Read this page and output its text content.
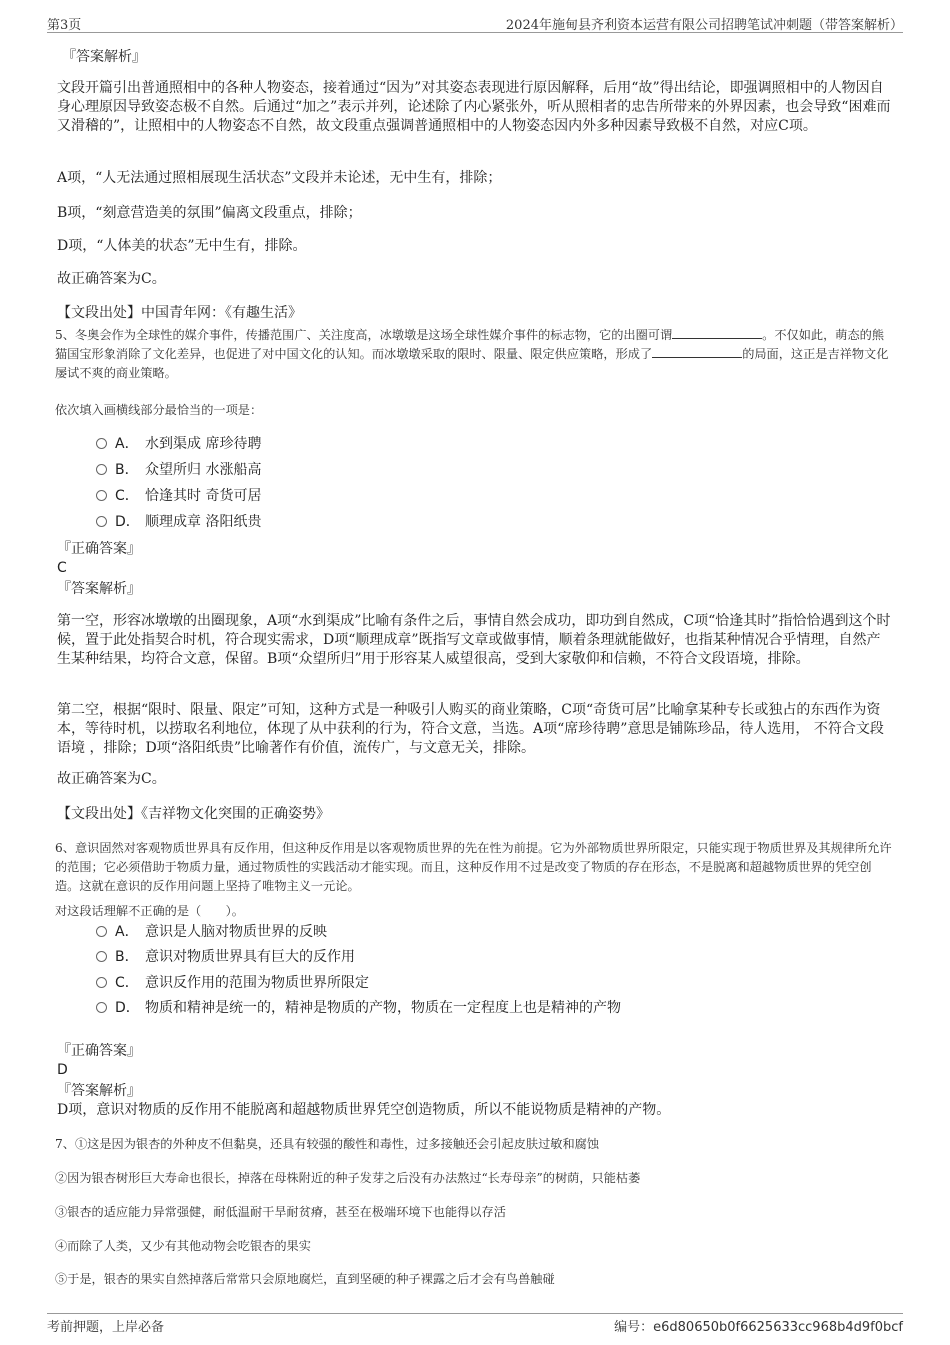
第3页	2024年施甸县齐利资本运营有限公司招聘笔试冲刺题（带答案解析）
『答案解析』
文段开篇引出普通照相中的各种人物姿态，接着通过“因为”对其姿态表现进行原因解释，后用“故”得出结论，即强调照相中的人物因自身心理原因导致姿态极不自然。后通过“加之”表示并列，论述除了内心紧张外，听从照相者的忠告所带来的外界因素，也会导致“困难而又滑稽的”，让照相中的人物姿态不自然，故文段重点强调普通照相中的人物姿态因内外多种因素导致极不自然，对应C项。
A项，“人无法通过照相展现生活状态”文段并未论述，无中生有，排除；
B项，“刻意营造美的氛围”偏离文段重点，排除；
D项，“人体美的状态”无中生有，排除。
故正确答案为C。
【文段出处】中国青年网：《有趣生活》
5、冬奥会作为全球性的媒介事件，传播范围广、关注度高，冰墩墩是这场全球性媒介事件的标志物，它的出圈可谓	。不仅如此，萌态的熊猫国宝形象消除了文化差异，也促进了对中国文化的认知。而冰墩墩采取的限时、限量、限定供应策略，形成了	的局面，这正是吉祥物文化屡试不爽的商业策略。
依次填入画横线部分最恰当的一项是：
A． 水到渠成 席珍待聘
B． 众望所归 水涨船高
C． 恰逢其时 奇货可居
D． 顺理成章 洛阳纸贵
『正确答案』
C
『答案解析』
第一空，形容冰墩墩的出圈现象，A项“水到渠成”比喻有条件之后，事情自然会成功，即功到自然成，C项“恰逢其时”指恰恰遇到这个时候，置于此处指契合时机，符合现实需求，D项“顺理成章”既指写文章或做事情，顺着条理就能做好，也指某种情况合乎情理，自然产生某种结果，均符合文意，保留。B项“众望所归”用于形容某人威望很高，受到大家敬仰和信赖，不符合文段语境，排除。
第二空，根据“限时、限量、限定”可知，这种方式是一种吸引人购买的商业策略，C项“奇货可居”比喻拿某种专长或独占的东西作为资本，等待时机，以捞取名利地位，体现了从中获利的行为，符合文意，当选。A项“席珍待聘”意思是铺陈珍品，待人选用， 不符合文段语境 ，排除；D项“洛阳纸贵”比喻著作有价值，流传广，与文意无关，排除。
故正确答案为C。
【文段出处】《吉祥物文化突围的正确姿势》
6、意识固然对客观物质世界具有反作用，但这种反作用是以客观物质世界的先在性为前提。它为外部物质世界所限定，只能实现于物质世界及其规律所允许的范围；它必须借助于物质力量，通过物质性的实践活动才能实现。而且，这种反作用不过是改变了物质的存在形态，不是脱离和超越物质世界的凭空创造。这就在意识的反作用问题上坚持了唯物主义一元论。
对这段话理解不正确的是（　　）。
A． 意识是人脑对物质世界的反映
B． 意识对物质世界具有巨大的反作用
C． 意识反作用的范围为物质世界所限定
D． 物质和精神是统一的，精神是物质的产物，物质在一定程度上也是精神的产物
『正确答案』
D
『答案解析』
D项，意识对物质的反作用不能脱离和超越物质世界凭空创造物质，所以不能说物质是精神的产物。
7、①这是因为银杏的外种皮不但黏臭，还具有较强的酸性和毒性，过多接触还会引起皮肤过敏和腐蚀
②因为银杏树形巨大寿命也很长，掉落在母株附近的种子发芽之后没有办法熬过“长寿母亲”的树荫，只能枯萎
③银杏的适应能力异常强健，耐低温耐干旱耐贫瘠，甚至在极端环境下也能得以存活
④而除了人类，又少有其他动物会吃银杏的果实
⑤于是，银杏的果实自然掉落后常常只会原地腐烂，直到坚硬的种子裸露之后才会有鸟兽触碰
考前押题，上岸必备	编号：e6d80650b0f6625633cc968b4d9f0bcf
